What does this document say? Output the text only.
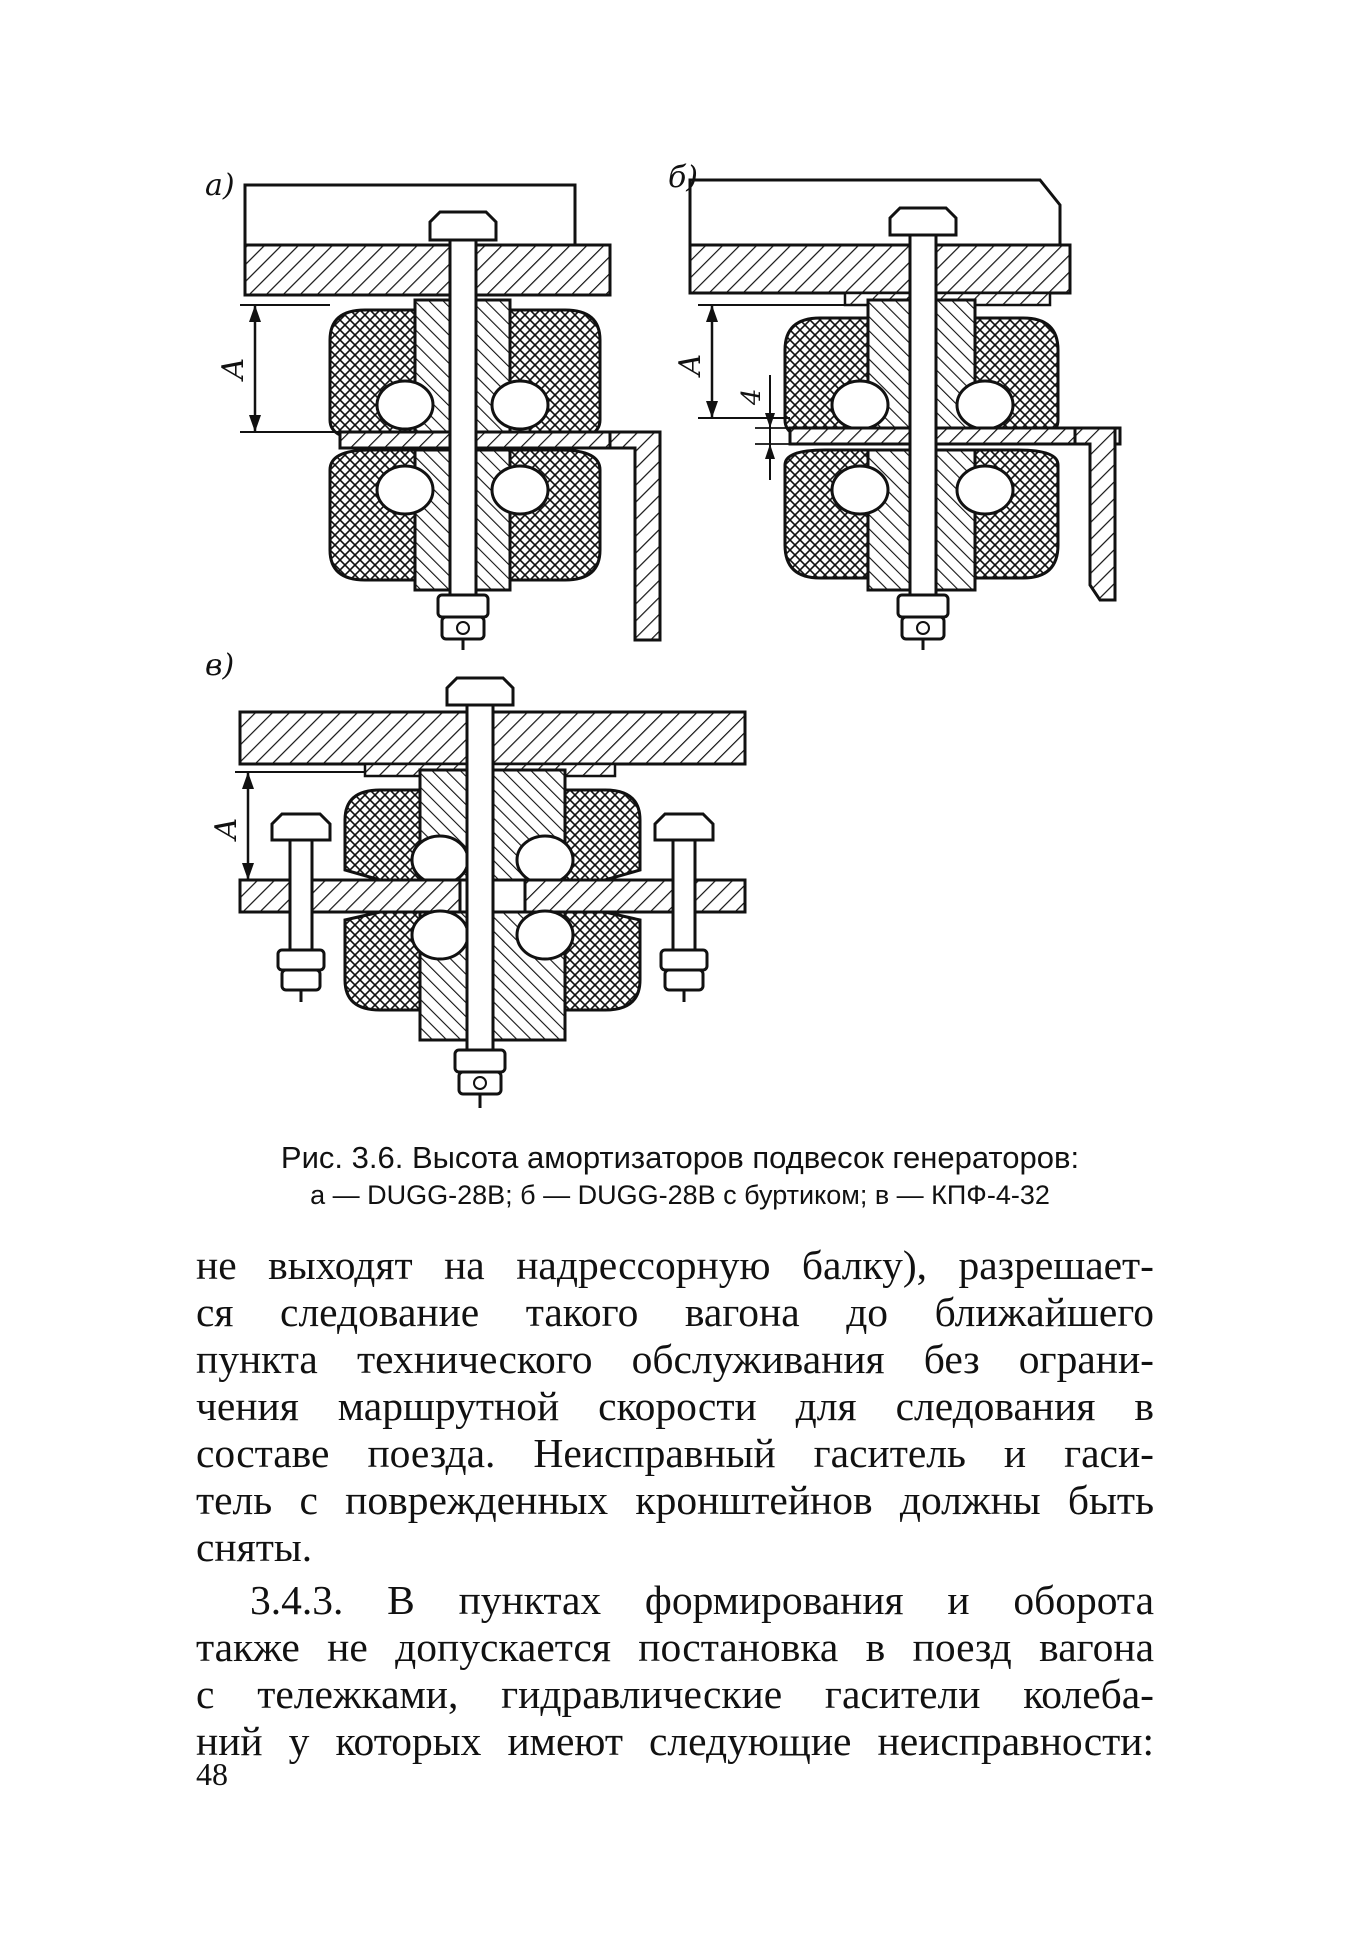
а)	б)
в)
А	А
4
А
Рис. 3.6. Высота амортизаторов подвесок генераторов:
а — DUGG-28B; б — DUGG-28B с буртиком; в — КПФ-4-32

не выходят на надрессорную балку), разрешает-
ся следование такого вагона до ближайшего
пункта технического обслуживания без ограни-
чения маршрутной скорости для следования в
составе поезда. Неисправный гаситель и гаси-
тель с поврежденных кронштейнов должны быть
сняты.

3.4.3. В пунктах формирования и оборота
также не допускается постановка в поезд вагона
с тележками, гидравлические гасители колеба-
ний у которых имеют следующие неисправности:

48
